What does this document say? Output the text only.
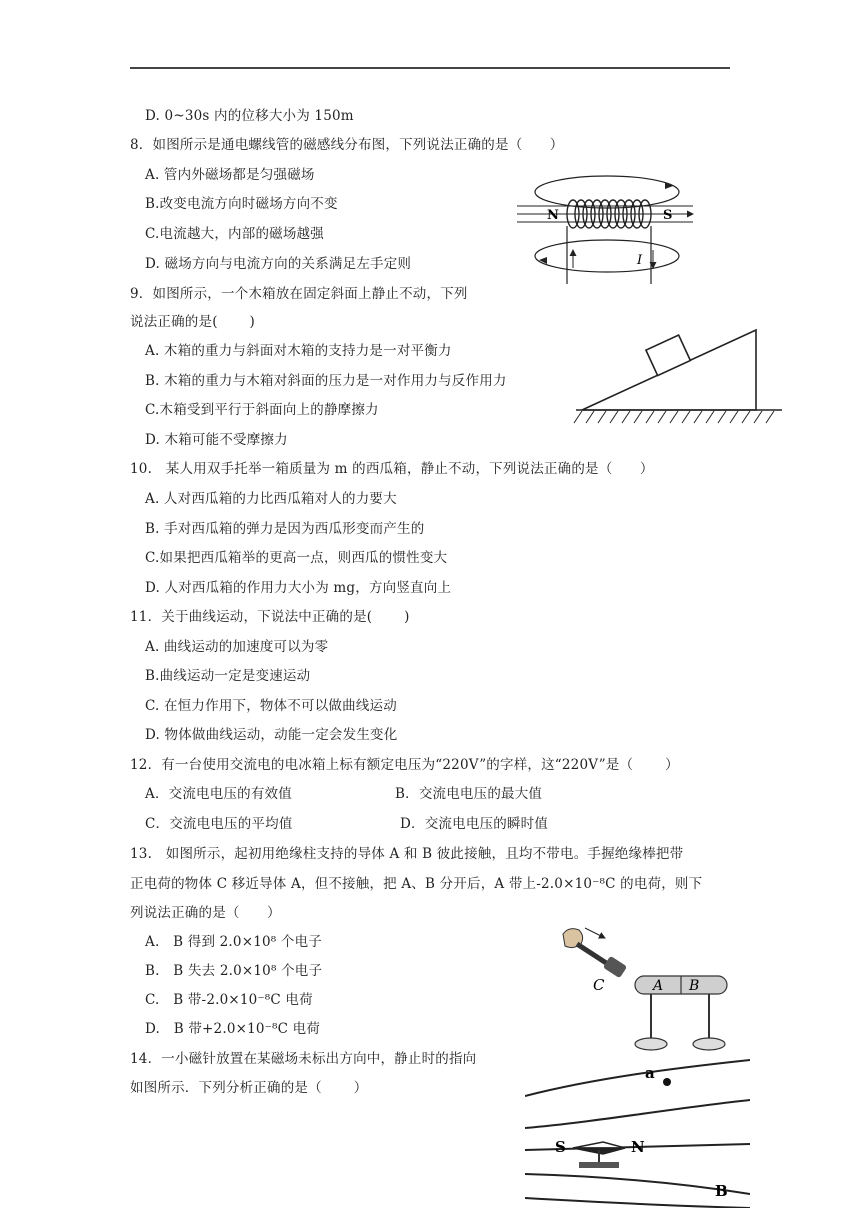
D. 0~30s 内的位移大小为 150m
8．如图所示是通电螺线管的磁感线分布图，下列说法正确的是（　　）
A. 管内外磁场都是匀强磁场
B.改变电流方向时磁场方向不变
C.电流越大，内部的磁场越强
D. 磁场方向与电流方向的关系满足左手定则
N	S
I
9．如图所示，一个木箱放在固定斜面上静止不动，下列
说法正确的是(　　 )
A. 木箱的重力与斜面对木箱的支持力是一对平衡力
B. 木箱的重力与木箱对斜面的压力是一对作用力与反作用力
C.木箱受到平行于斜面向上的静摩擦力
D. 木箱可能不受摩擦力
10.　某人用双手托举一箱质量为 m 的西瓜箱，静止不动，下列说法正确的是（　　）
A. 人对西瓜箱的力比西瓜箱对人的力要大
B. 手对西瓜箱的弹力是因为西瓜形变而产生的
C.如果把西瓜箱举的更高一点，则西瓜的惯性变大
D. 人对西瓜箱的作用力大小为 mg，方向竖直向上
11．关于曲线运动，下说法中正确的是(　　 )
A. 曲线运动的加速度可以为零
B.曲线运动一定是变速运动
C. 在恒力作用下，物体不可以做曲线运动
D. 物体做曲线运动，动能一定会发生变化
12．有一台使用交流电的电冰箱上标有额定电压为“220V”的字样，这“220V”是（　　 ）
A．交流电电压的有效值	B．交流电电压的最大值
C．交流电电压的平均值	D．交流电电压的瞬时值
13.　如图所示，起初用绝缘柱支持的导体 A 和 B 彼此接触，且均不带电。手握绝缘棒把带
正电荷的物体 C 移近导体 A，但不接触，把 A、B 分开后，A 带上-2.0×10⁻⁸C 的电荷，则下
列说法正确的是（　　）
A.　B 得到 2.0×10⁸ 个电子
B.　B 失去 2.0×10⁸ 个电子
C.　B 带-2.0×10⁻⁸C 电荷
D.　B 带+2.0×10⁻⁸C 电荷
C	A B
14．一小磁针放置在某磁场未标出方向中，静止时的指向
如图所示．下列分析正确的是（　　 ）
a
S	N
B
